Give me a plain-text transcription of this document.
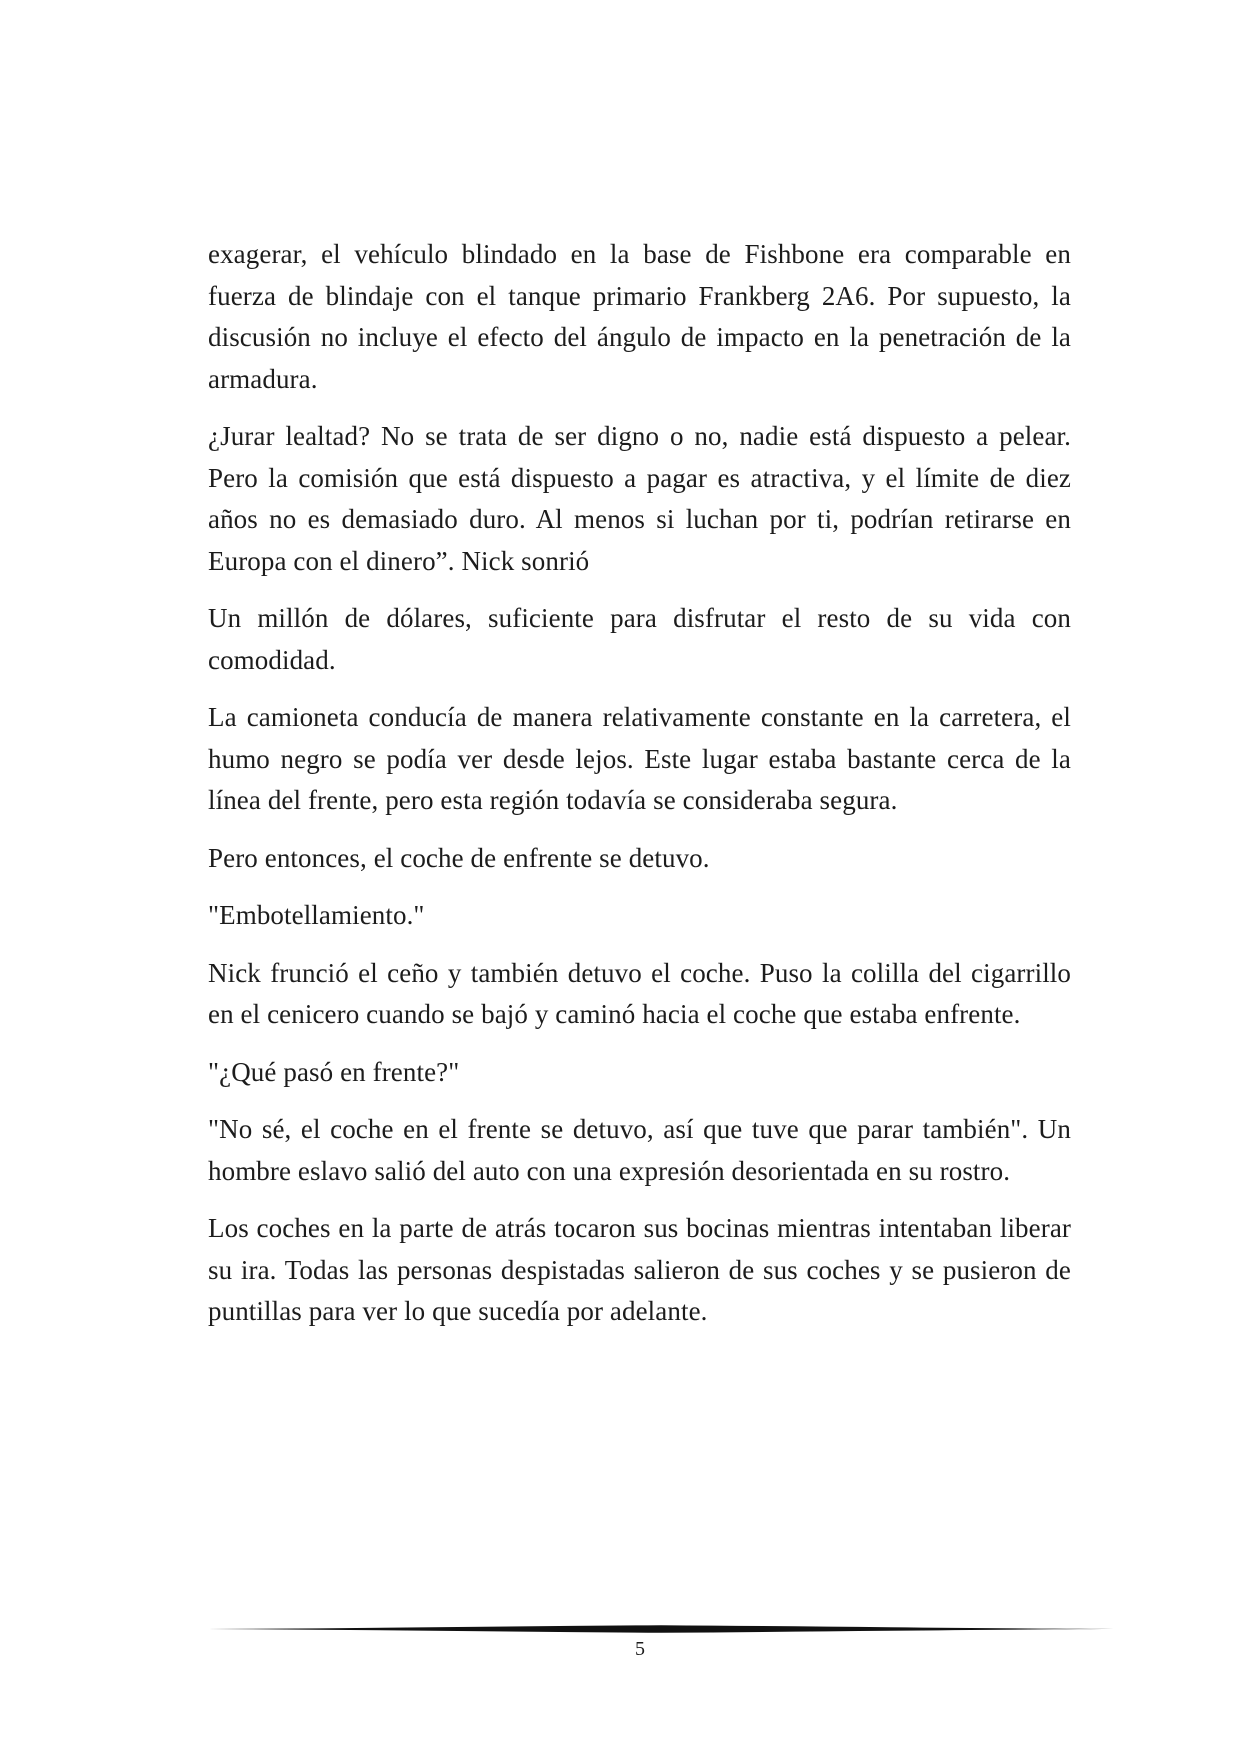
exagerar, el vehículo blindado en la base de Fishbone era comparable en fuerza de blindaje con el tanque primario Frankberg 2A6. Por supuesto, la discusión no incluye el efecto del ángulo de impacto en la penetración de la armadura.

¿Jurar lealtad? No se trata de ser digno o no, nadie está dispuesto a pelear. Pero la comisión que está dispuesto a pagar es atractiva, y el límite de diez años no es demasiado duro. Al menos si luchan por ti, podrían retirarse en Europa con el dinero”. Nick sonrió

Un millón de dólares, suficiente para disfrutar el resto de su vida con comodidad.

La camioneta conducía de manera relativamente constante en la carretera, el humo negro se podía ver desde lejos. Este lugar estaba bastante cerca de la línea del frente, pero esta región todavía se consideraba segura.

Pero entonces, el coche de enfrente se detuvo.

"Embotellamiento."

Nick frunció el ceño y también detuvo el coche. Puso la colilla del cigarrillo en el cenicero cuando se bajó y caminó hacia el coche que estaba enfrente.

"¿Qué pasó en frente?"

"No sé, el coche en el frente se detuvo, así que tuve que parar también". Un hombre eslavo salió del auto con una expresión desorientada en su rostro.

Los coches en la parte de atrás tocaron sus bocinas mientras intentaban liberar su ira. Todas las personas despistadas salieron de sus coches y se pusieron de puntillas para ver lo que sucedía por adelante.

5
